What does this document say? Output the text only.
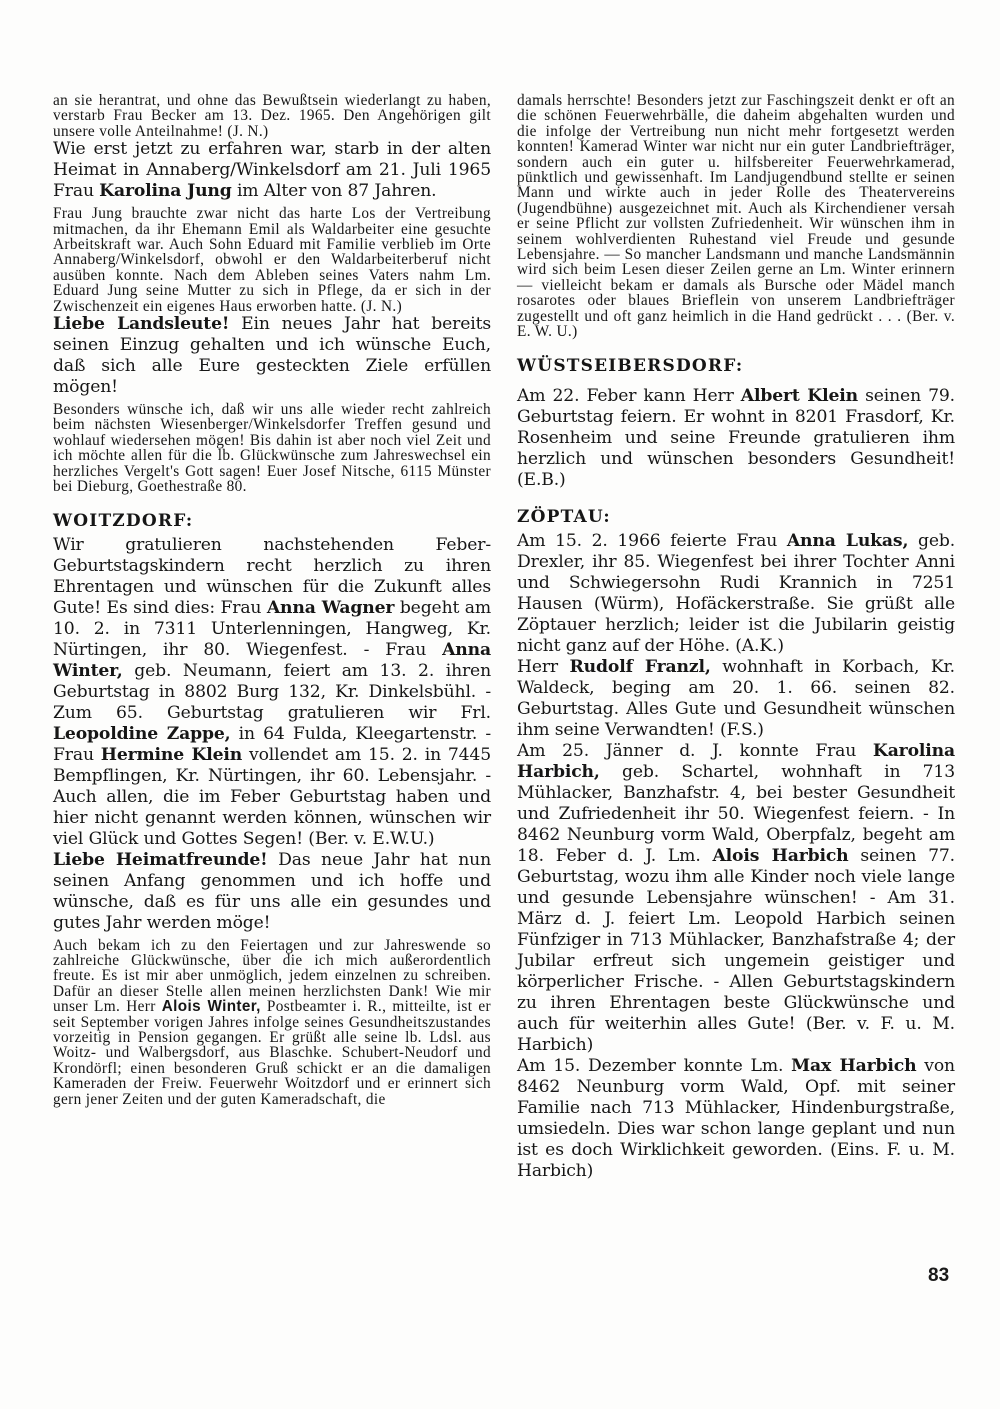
an sie herantrat, und ohne das Bewußtsein wiederlangt zu haben, verstarb Frau Becker am 13. Dez. 1965. Den Angehörigen gilt unsere volle Anteilnahme! (J. N.)

Wie erst jetzt zu erfahren war, starb in der alten Heimat in Annaberg/Winkelsdorf am 21. Juli 1965 Frau Karolina Jung im Alter von 87 Jahren.

Frau Jung brauchte zwar nicht das harte Los der Vertreibung mitmachen, da ihr Ehemann Emil als Waldarbeiter eine gesuchte Arbeitskraft war. Auch Sohn Eduard mit Familie verblieb im Orte Annaberg/Winkelsdorf, obwohl er den Waldarbeiterberuf nicht ausüben konnte. Nach dem Ableben seines Vaters nahm Lm. Eduard Jung seine Mutter zu sich in Pflege, da er sich in der Zwischenzeit ein eigenes Haus erworben hatte. (J. N.)

Liebe Landsleute! Ein neues Jahr hat bereits seinen Einzug gehalten und ich wünsche Euch, daß sich alle Eure gesteckten Ziele erfüllen mögen!

Besonders wünsche ich, daß wir uns alle wieder recht zahlreich beim nächsten Wiesenberger/Winkelsdorfer Treffen gesund und wohlauf wiedersehen mögen! Bis dahin ist aber noch viel Zeit und ich möchte allen für die lb. Glückwünsche zum Jahreswechsel ein herzliches Vergelt's Gott sagen! Euer Josef Nitsche, 6115 Münster bei Dieburg, Goethestraße 80.

WOITZDORF:

Wir gratulieren nachstehenden Feber-Geburtstagskindern recht herzlich zu ihren Ehrentagen und wünschen für die Zukunft alles Gute! Es sind dies: Frau Anna Wagner begeht am 10. 2. in 7311 Unterlenningen, Hangweg, Kr. Nürtingen, ihr 80. Wiegenfest. - Frau Anna Winter, geb. Neumann, feiert am 13. 2. ihren Geburtstag in 8802 Burg 132, Kr. Dinkelsbühl. - Zum 65. Geburtstag gratulieren wir Frl. Leopoldine Zappe, in 64 Fulda, Kleegartenstr. - Frau Hermine Klein vollendet am 15. 2. in 7445 Bempflingen, Kr. Nürtingen, ihr 60. Lebensjahr. - Auch allen, die im Feber Geburtstag haben und hier nicht genannt werden können, wünschen wir viel Glück und Gottes Segen! (Ber. v. E.W.U.)

Liebe Heimatfreunde! Das neue Jahr hat nun seinen Anfang genommen und ich hoffe und wünsche, daß es für uns alle ein gesundes und gutes Jahr werden möge!

Auch bekam ich zu den Feiertagen und zur Jahreswende so zahlreiche Glückwünsche, über die ich mich außerordentlich freute. Es ist mir aber unmöglich, jedem einzelnen zu schreiben. Dafür an dieser Stelle allen meinen herzlichsten Dank! Wie mir unser Lm. Herr Alois Winter, Postbeamter i. R., mitteilte, ist er seit September vorigen Jahres infolge seines Gesundheitszustandes vorzeitig in Pension gegangen. Er grüßt alle seine lb. Ldsl. aus Woitz- und Walbergsdorf, aus Blaschke. Schubert-Neudorf und Krondörfl; einen besonderen Gruß schickt er an die damaligen Kameraden der Freiw. Feuerwehr Woitzdorf und er erinnert sich gern jener Zeiten und der guten Kameradschaft, die

damals herrschte! Besonders jetzt zur Faschingszeit denkt er oft an die schönen Feuerwehrbälle, die daheim abgehalten wurden und die infolge der Vertreibung nun nicht mehr fortgesetzt werden konnten! Kamerad Winter war nicht nur ein guter Landbriefträger, sondern auch ein guter u. hilfsbereiter Feuerwehrkamerad, pünktlich und gewissenhaft. Im Landjugendbund stellte er seinen Mann und wirkte auch in jeder Rolle des Theatervereins (Jugendbühne) ausgezeichnet mit. Auch als Kirchendiener versah er seine Pflicht zur vollsten Zufriedenheit. Wir wünschen ihm in seinem wohlverdienten Ruhestand viel Freude und gesunde Lebensjahre. — So mancher Landsmann und manche Landsmännin wird sich beim Lesen dieser Zeilen gerne an Lm. Winter erinnern — vielleicht bekam er damals als Bursche oder Mädel manch rosarotes oder blaues Brieflein von unserem Landbriefträger zugestellt und oft ganz heimlich in die Hand gedrückt . . . (Ber. v. E. W. U.)

WÜSTSEIBERSDORF:

Am 22. Feber kann Herr Albert Klein seinen 79. Geburtstag feiern. Er wohnt in 8201 Frasdorf, Kr. Rosenheim und seine Freunde gratulieren ihm herzlich und wünschen besonders Gesundheit! (E.B.)

ZÖPTAU:

Am 15. 2. 1966 feierte Frau Anna Lukas, geb. Drexler, ihr 85. Wiegenfest bei ihrer Tochter Anni und Schwiegersohn Rudi Krannich in 7251 Hausen (Würm), Hofäckerstraße. Sie grüßt alle Zöptauer herzlich; leider ist die Jubilarin geistig nicht ganz auf der Höhe. (A.K.)

Herr Rudolf Franzl, wohnhaft in Korbach, Kr. Waldeck, beging am 20. 1. 66. seinen 82. Geburtstag. Alles Gute und Gesundheit wünschen ihm seine Verwandten! (F.S.)

Am 25. Jänner d. J. konnte Frau Karolina Harbich, geb. Schartel, wohnhaft in 713 Mühlacker, Banzhafstr. 4, bei bester Gesundheit und Zufriedenheit ihr 50. Wiegenfest feiern. - In 8462 Neunburg vorm Wald, Oberpfalz, begeht am 18. Feber d. J. Lm. Alois Harbich seinen 77. Geburtstag, wozu ihm alle Kinder noch viele lange und gesunde Lebensjahre wünschen! - Am 31. März d. J. feiert Lm. Leopold Harbich seinen Fünfziger in 713 Mühlacker, Banzhafstraße 4; der Jubilar erfreut sich ungemein geistiger und körperlicher Frische. - Allen Geburtstagskindern zu ihren Ehrentagen beste Glückwünsche und auch für weiterhin alles Gute! (Ber. v. F. u. M. Harbich)

Am 15. Dezember konnte Lm. Max Harbich von 8462 Neunburg vorm Wald, Opf. mit seiner Familie nach 713 Mühlacker, Hindenburgstraße, umsiedeln. Dies war schon lange geplant und nun ist es doch Wirklichkeit geworden. (Eins. F. u. M. Harbich)

83
